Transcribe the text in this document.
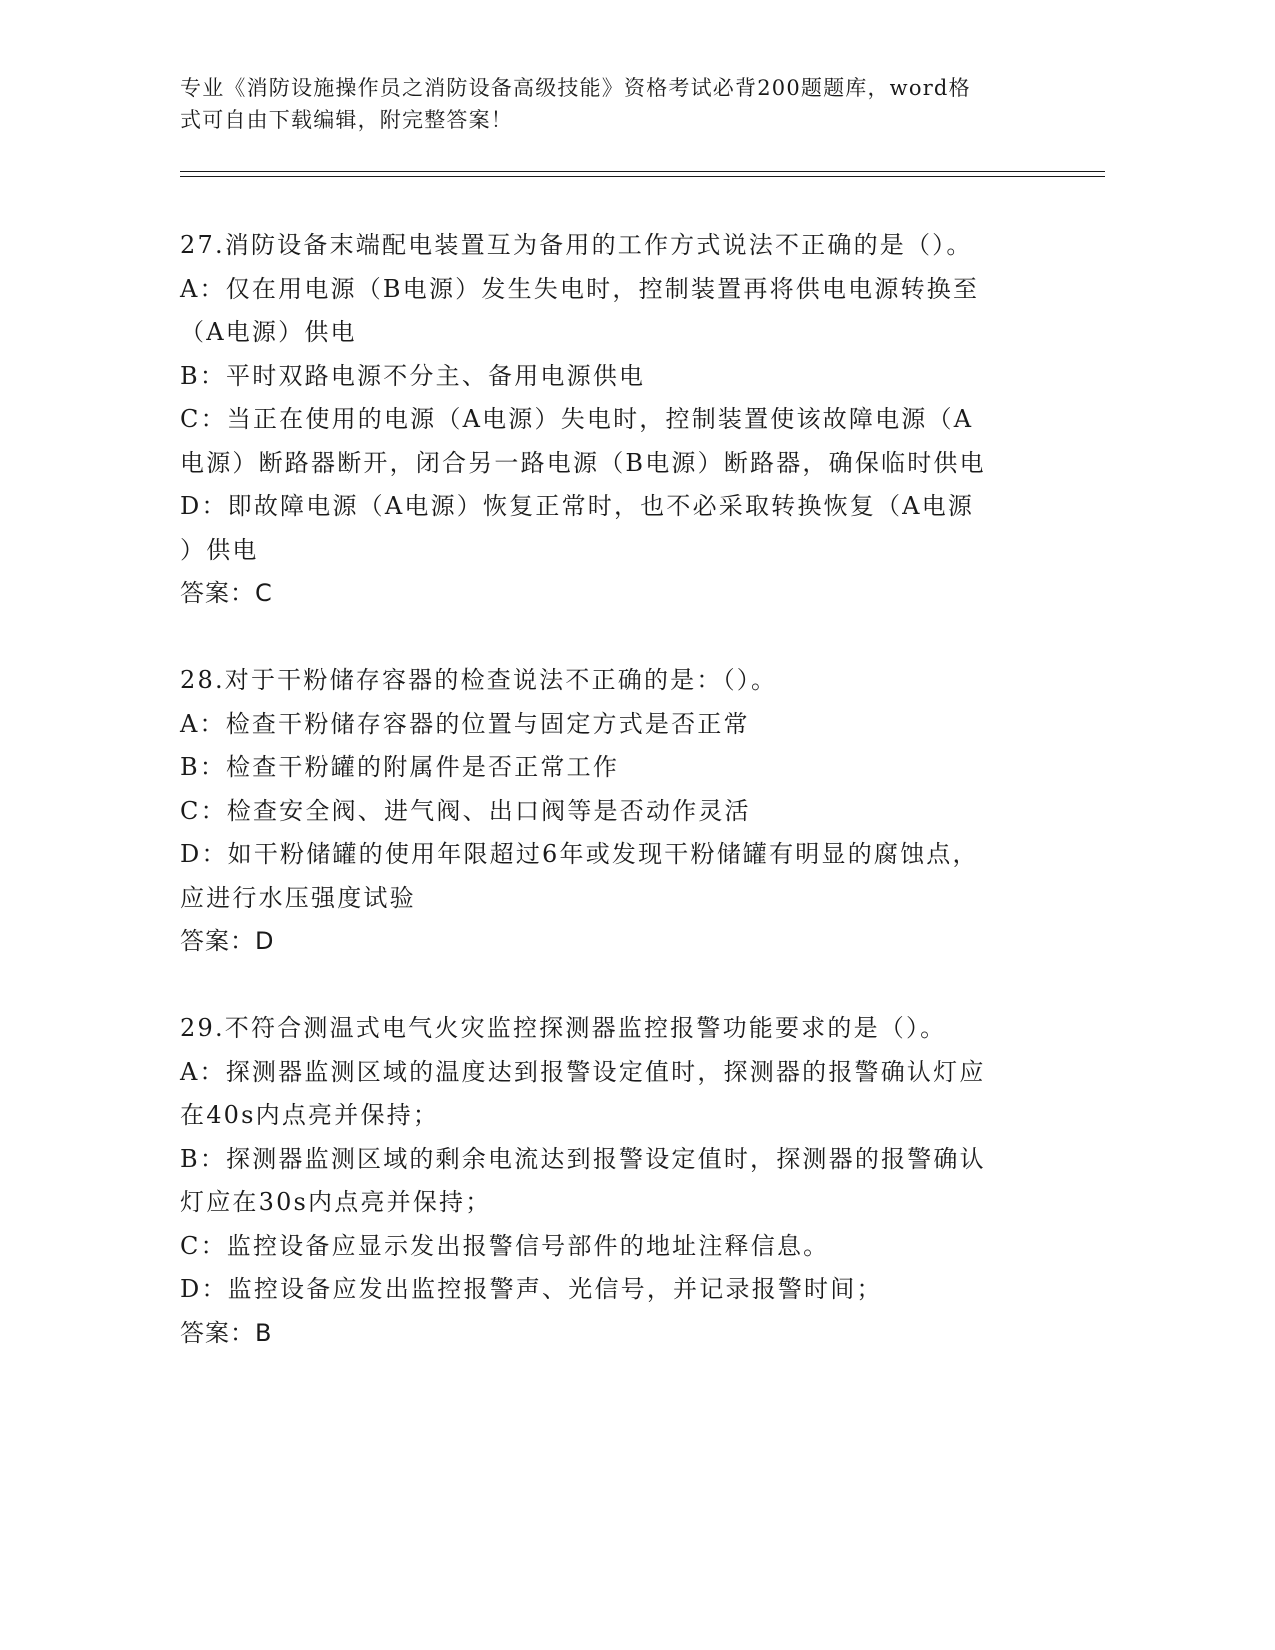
专业《消防设施操作员之消防设备高级技能》资格考试必背200题题库，word格
式可自由下载编辑，附完整答案！
27.消防设备末端配电装置互为备用的工作方式说法不正确的是（）。
A：仅在用电源（B电源）发生失电时，控制装置再将供电电源转换至
（A电源）供电
B：平时双路电源不分主、备用电源供电
C：当正在使用的电源（A电源）失电时，控制装置使该故障电源（A
电源）断路器断开，闭合另一路电源（B电源）断路器，确保临时供电
D：即故障电源（A电源）恢复正常时，也不必采取转换恢复（A电源
）供电
答案：C
28.对于干粉储存容器的检查说法不正确的是：（）。
A：检查干粉储存容器的位置与固定方式是否正常
B：检查干粉罐的附属件是否正常工作
C：检查安全阀、进气阀、出口阀等是否动作灵活
D：如干粉储罐的使用年限超过6年或发现干粉储罐有明显的腐蚀点，
应进行水压强度试验
答案：D
29.不符合测温式电气火灾监控探测器监控报警功能要求的是（）。
A：探测器监测区域的温度达到报警设定值时，探测器的报警确认灯应
在40s内点亮并保持；
B：探测器监测区域的剩余电流达到报警设定值时，探测器的报警确认
灯应在30s内点亮并保持；
C：监控设备应显示发出报警信号部件的地址注释信息。
D：监控设备应发出监控报警声、光信号，并记录报警时间；
答案：B
